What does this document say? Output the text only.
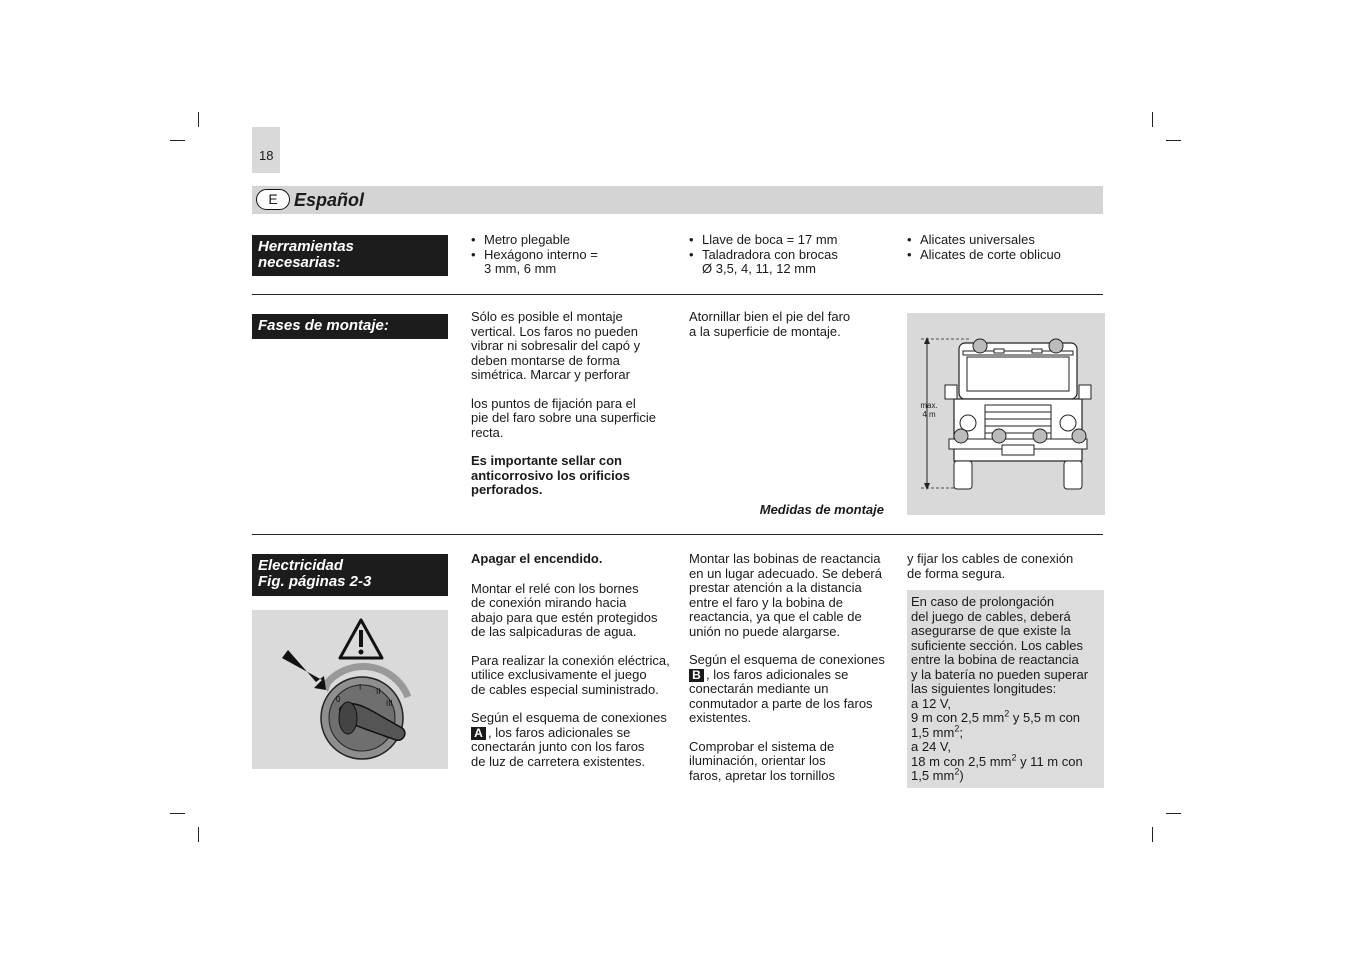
18
E Español
Herramientas
necesarias:
• Metro plegable
• Hexágono interno =
3 mm, 6 mm
• Llave de boca = 17 mm
• Taladradora con brocas
Ø 3,5, 4, 11, 12 mm
• Alicates universales
• Alicates de corte oblicuo
Fases de montaje:

Sólo es posible el montaje

vertical. Los faros no pueden

vibrar ni sobresalir del capó y

deben montarse de forma

simétrica. Marcar y perforar

los puntos de fijación para el

pie del faro sobre una superficie

recta.

Es importante sellar con

anticorrosivo los orificios

perforados.

Atornillar bien el pie del faro

a la superficie de montaje.

Medidas de montaje
max.
4 m
Electricidad
Fig. páginas 2-3
0
I II
III

Apagar el encendido.

Montar el relé con los bornes

de conexión mirando hacia

abajo para que estén protegidos

de las salpicaduras de agua.

Para realizar la conexión eléctrica,

utilice exclusivamente el juego

de cables especial suministrado.

Según el esquema de conexiones

A , los faros adicionales se

conectarán junto con los faros

de luz de carretera existentes.

Montar las bobinas de reactancia

en un lugar adecuado. Se deberá

prestar atención a la distancia

entre el faro y la bobina de

reactancia, ya que el cable de

unión no puede alargarse.

Según el esquema de conexiones

B , los faros adicionales se

conectarán mediante un

conmutador a parte de los faros

existentes.

Comprobar el sistema de

iluminación, orientar los

faros, apretar los tornillos

y fijar los cables de conexión

de forma segura.

En caso de prolongación

del juego de cables, deberá

asegurarse de que existe la

suficiente sección. Los cables

entre la bobina de reactancia

y la batería no pueden superar

las siguientes longitudes:

a 12 V,

9 m con 2,5 $mm^2$ y 5,5 m con

1,5 $mm^2$;

a 24 V,

18 m con 2,5 $mm^2$ y 11 m con

1,5 $mm^2$)
